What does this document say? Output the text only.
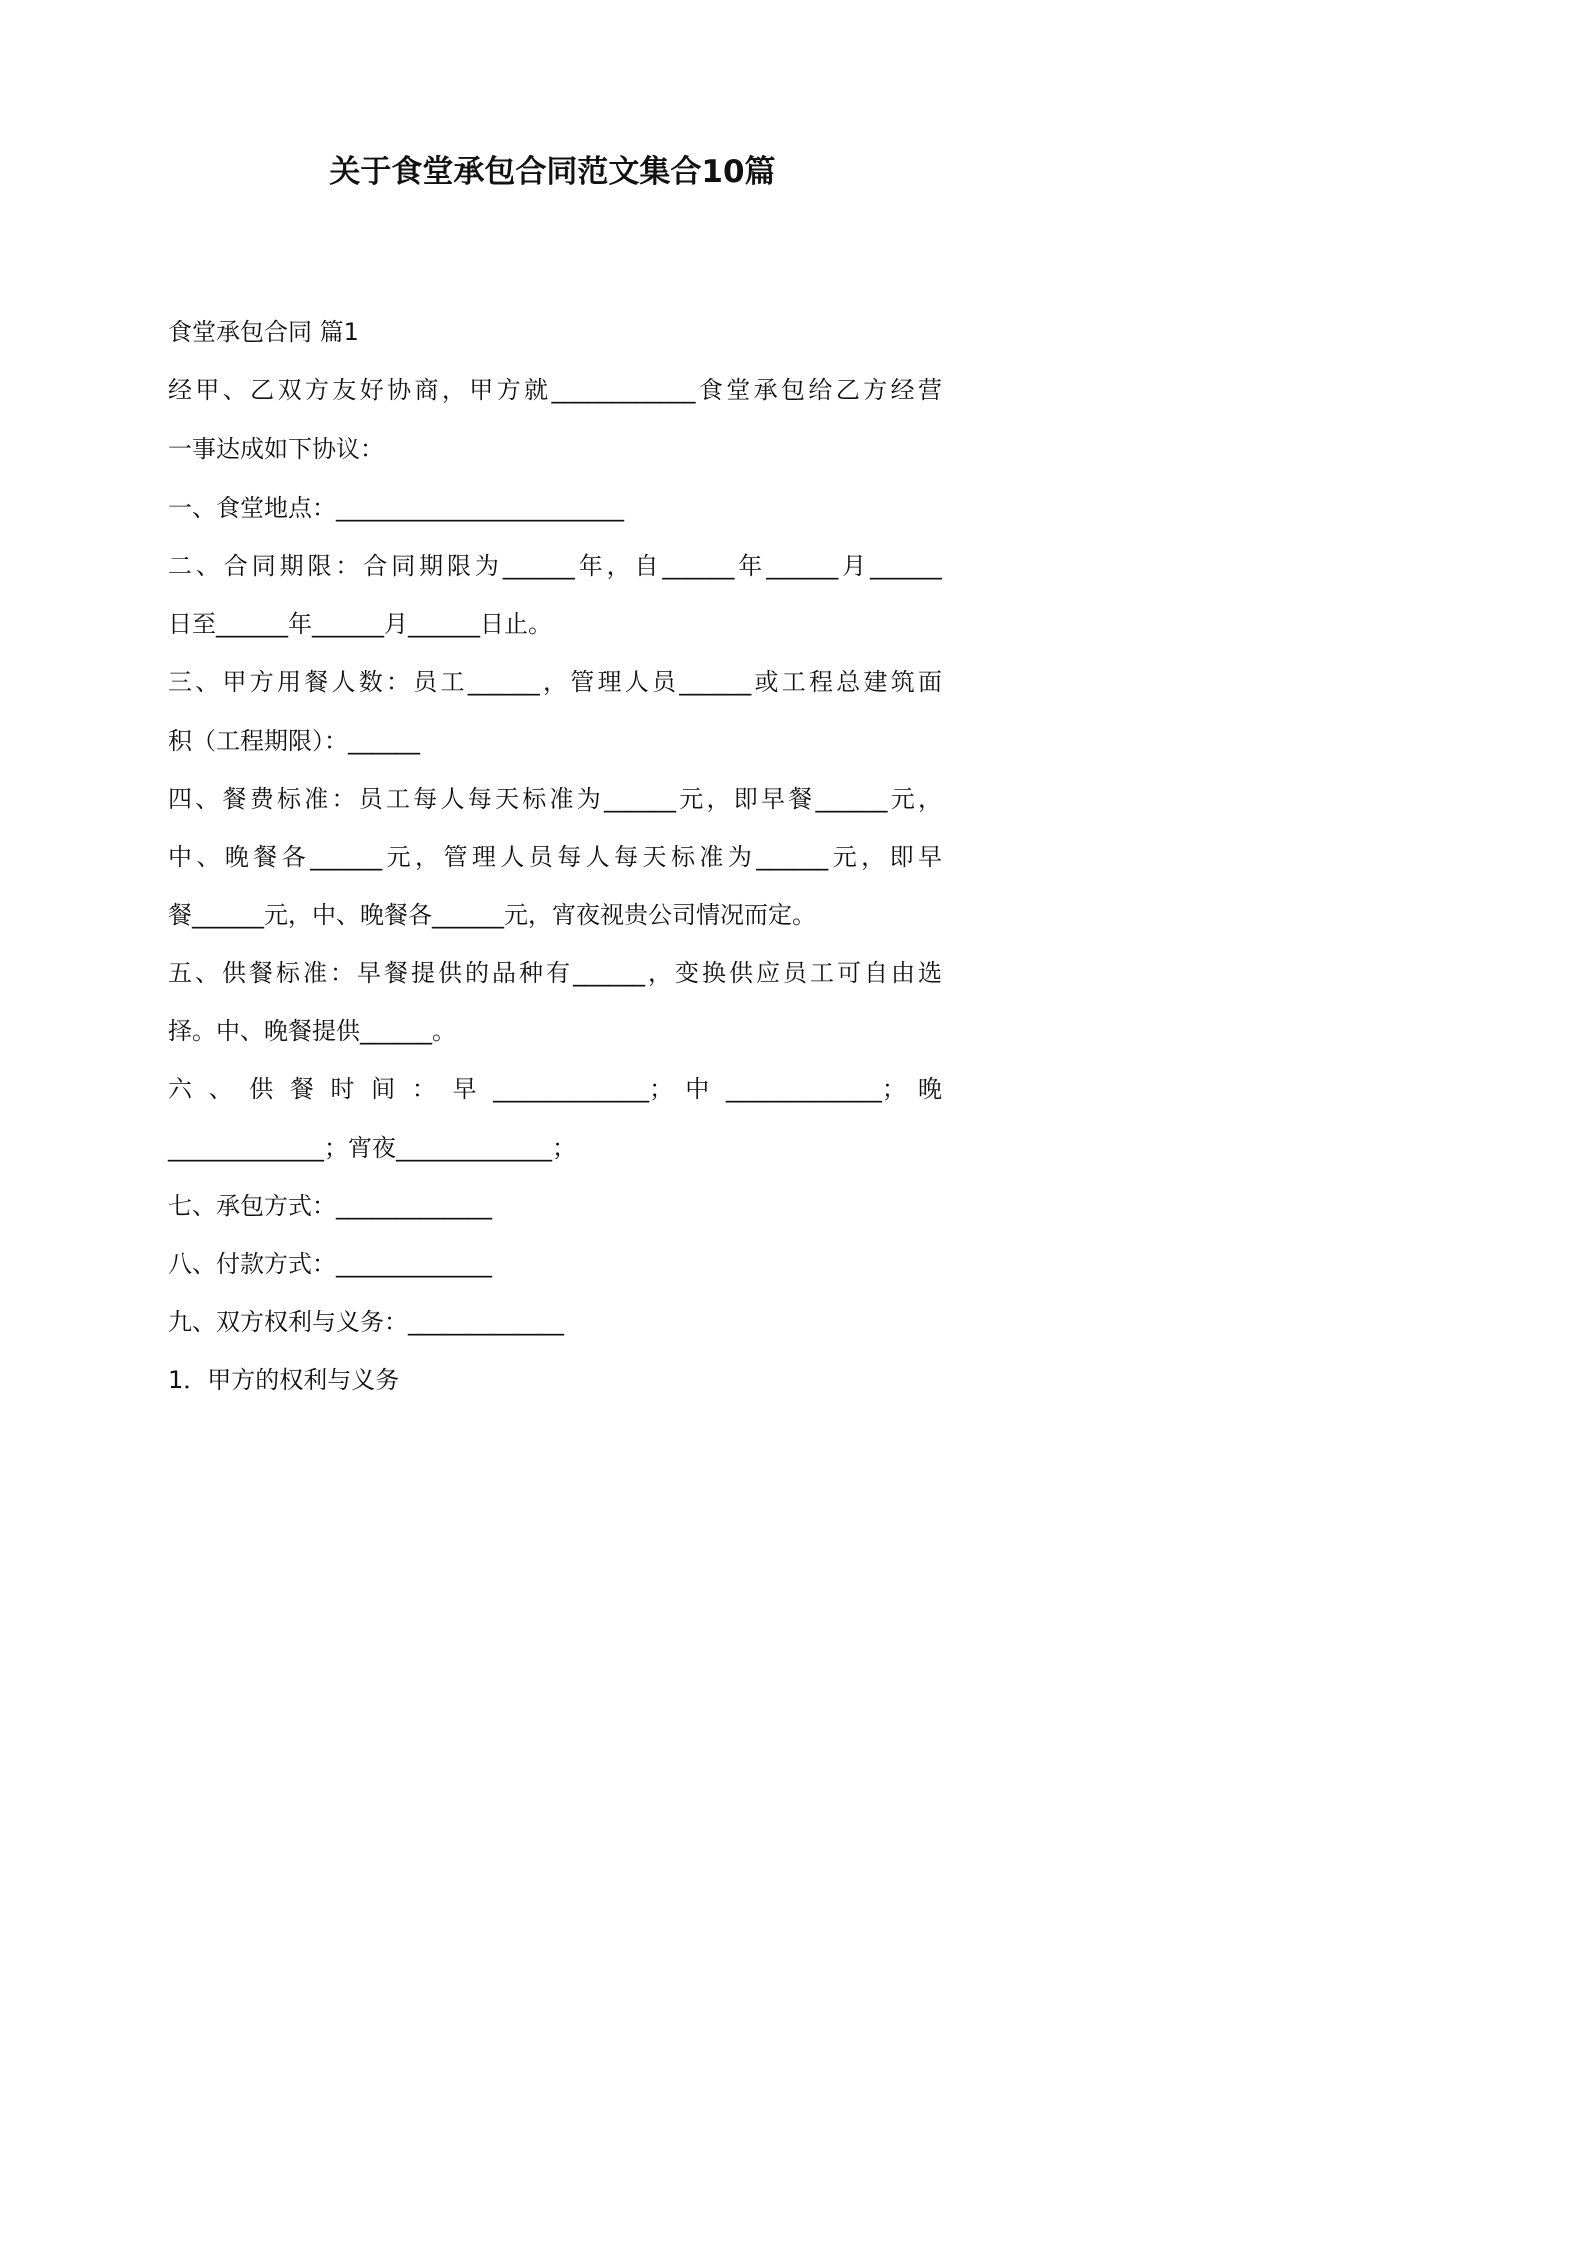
关于食堂承包合同范文集合10篇

食堂承包合同 篇1

经甲、乙双方友好协商，甲方就____________食堂承包给乙方经营

一事达成如下协议：

一、食堂地点：________________________

二、合同期限：合同期限为______年，自______年______月______

日至______年______月______日止。

三、甲方用餐人数：员工______，管理人员______或工程总建筑面

积（工程期限）：______

四、餐费标准：员工每人每天标准为______元，即早餐______元，

中、晚餐各______元，管理人员每人每天标准为______元，即早

餐______元，中、晚餐各______元，宵夜视贵公司情况而定。

五、供餐标准：早餐提供的品种有______，变换供应员工可自由选

择。中、晚餐提供______。

六 、 供 餐 时 间 ： 早 _____________； 中 _____________； 晚

_____________；宵夜_____________；

七、承包方式：_____________

八、付款方式：_____________

九、双方权利与义务：_____________

1．甲方的权利与义务
